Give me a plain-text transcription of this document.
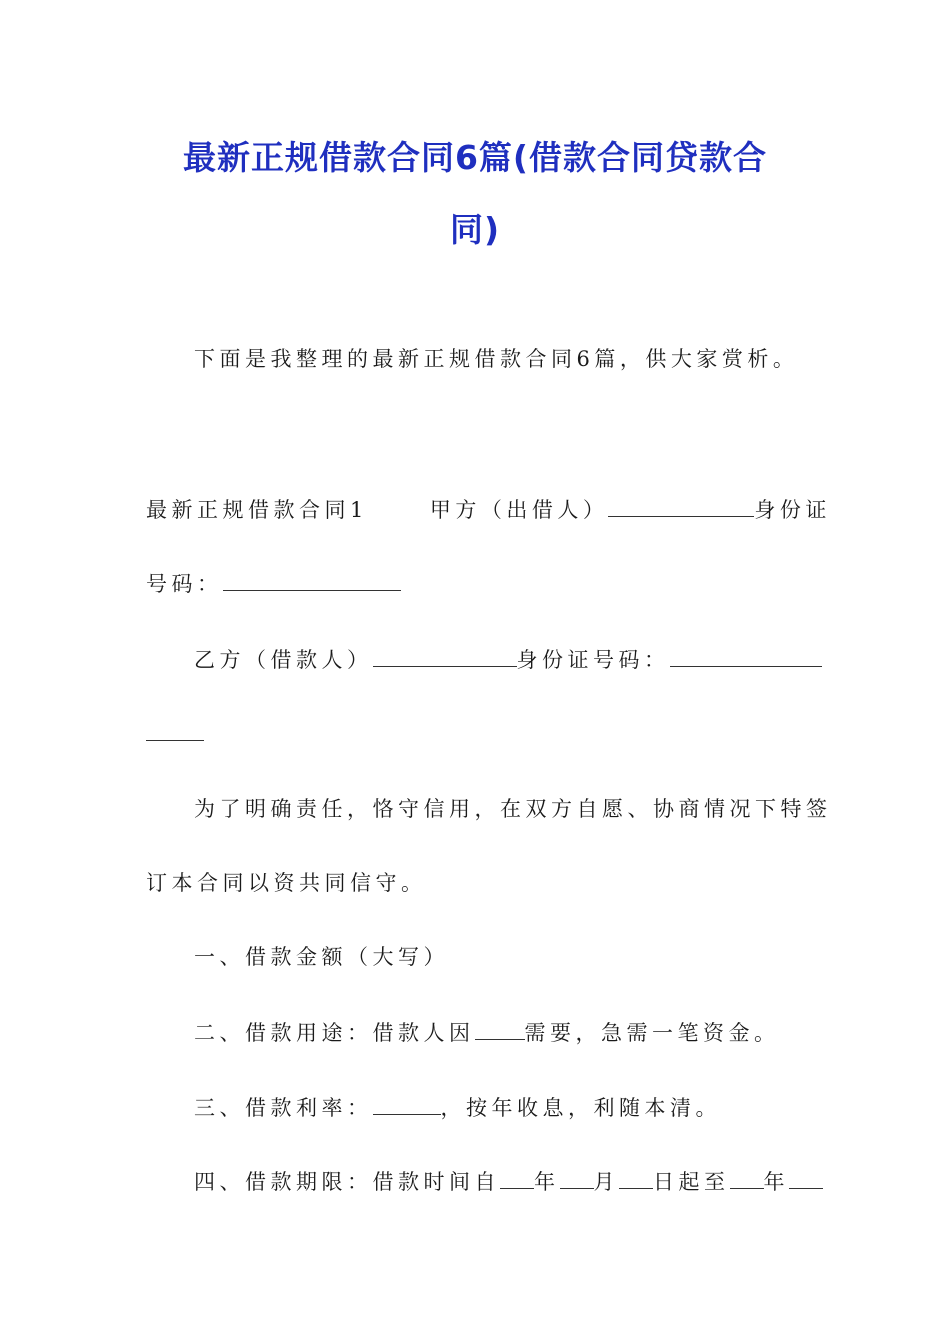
最新正规借款合同6篇(借款合同贷款合
同)

下面是我整理的最新正规借款合同6篇，供大家赏析。

最新正规借款合同1	甲方（出借人）	身份证

号码：

乙方（借款人）	身份证号码：

为了明确责任，恪守信用，在双方自愿、协商情况下特签

订本合同以资共同信守。

一、借款金额（大写）

二、借款用途：借款人因 需要，急需一笔资金。

三、借款利率：	，按年收息，利随本清。

四、借款期限：借款时间自 年 月 日起至 年
